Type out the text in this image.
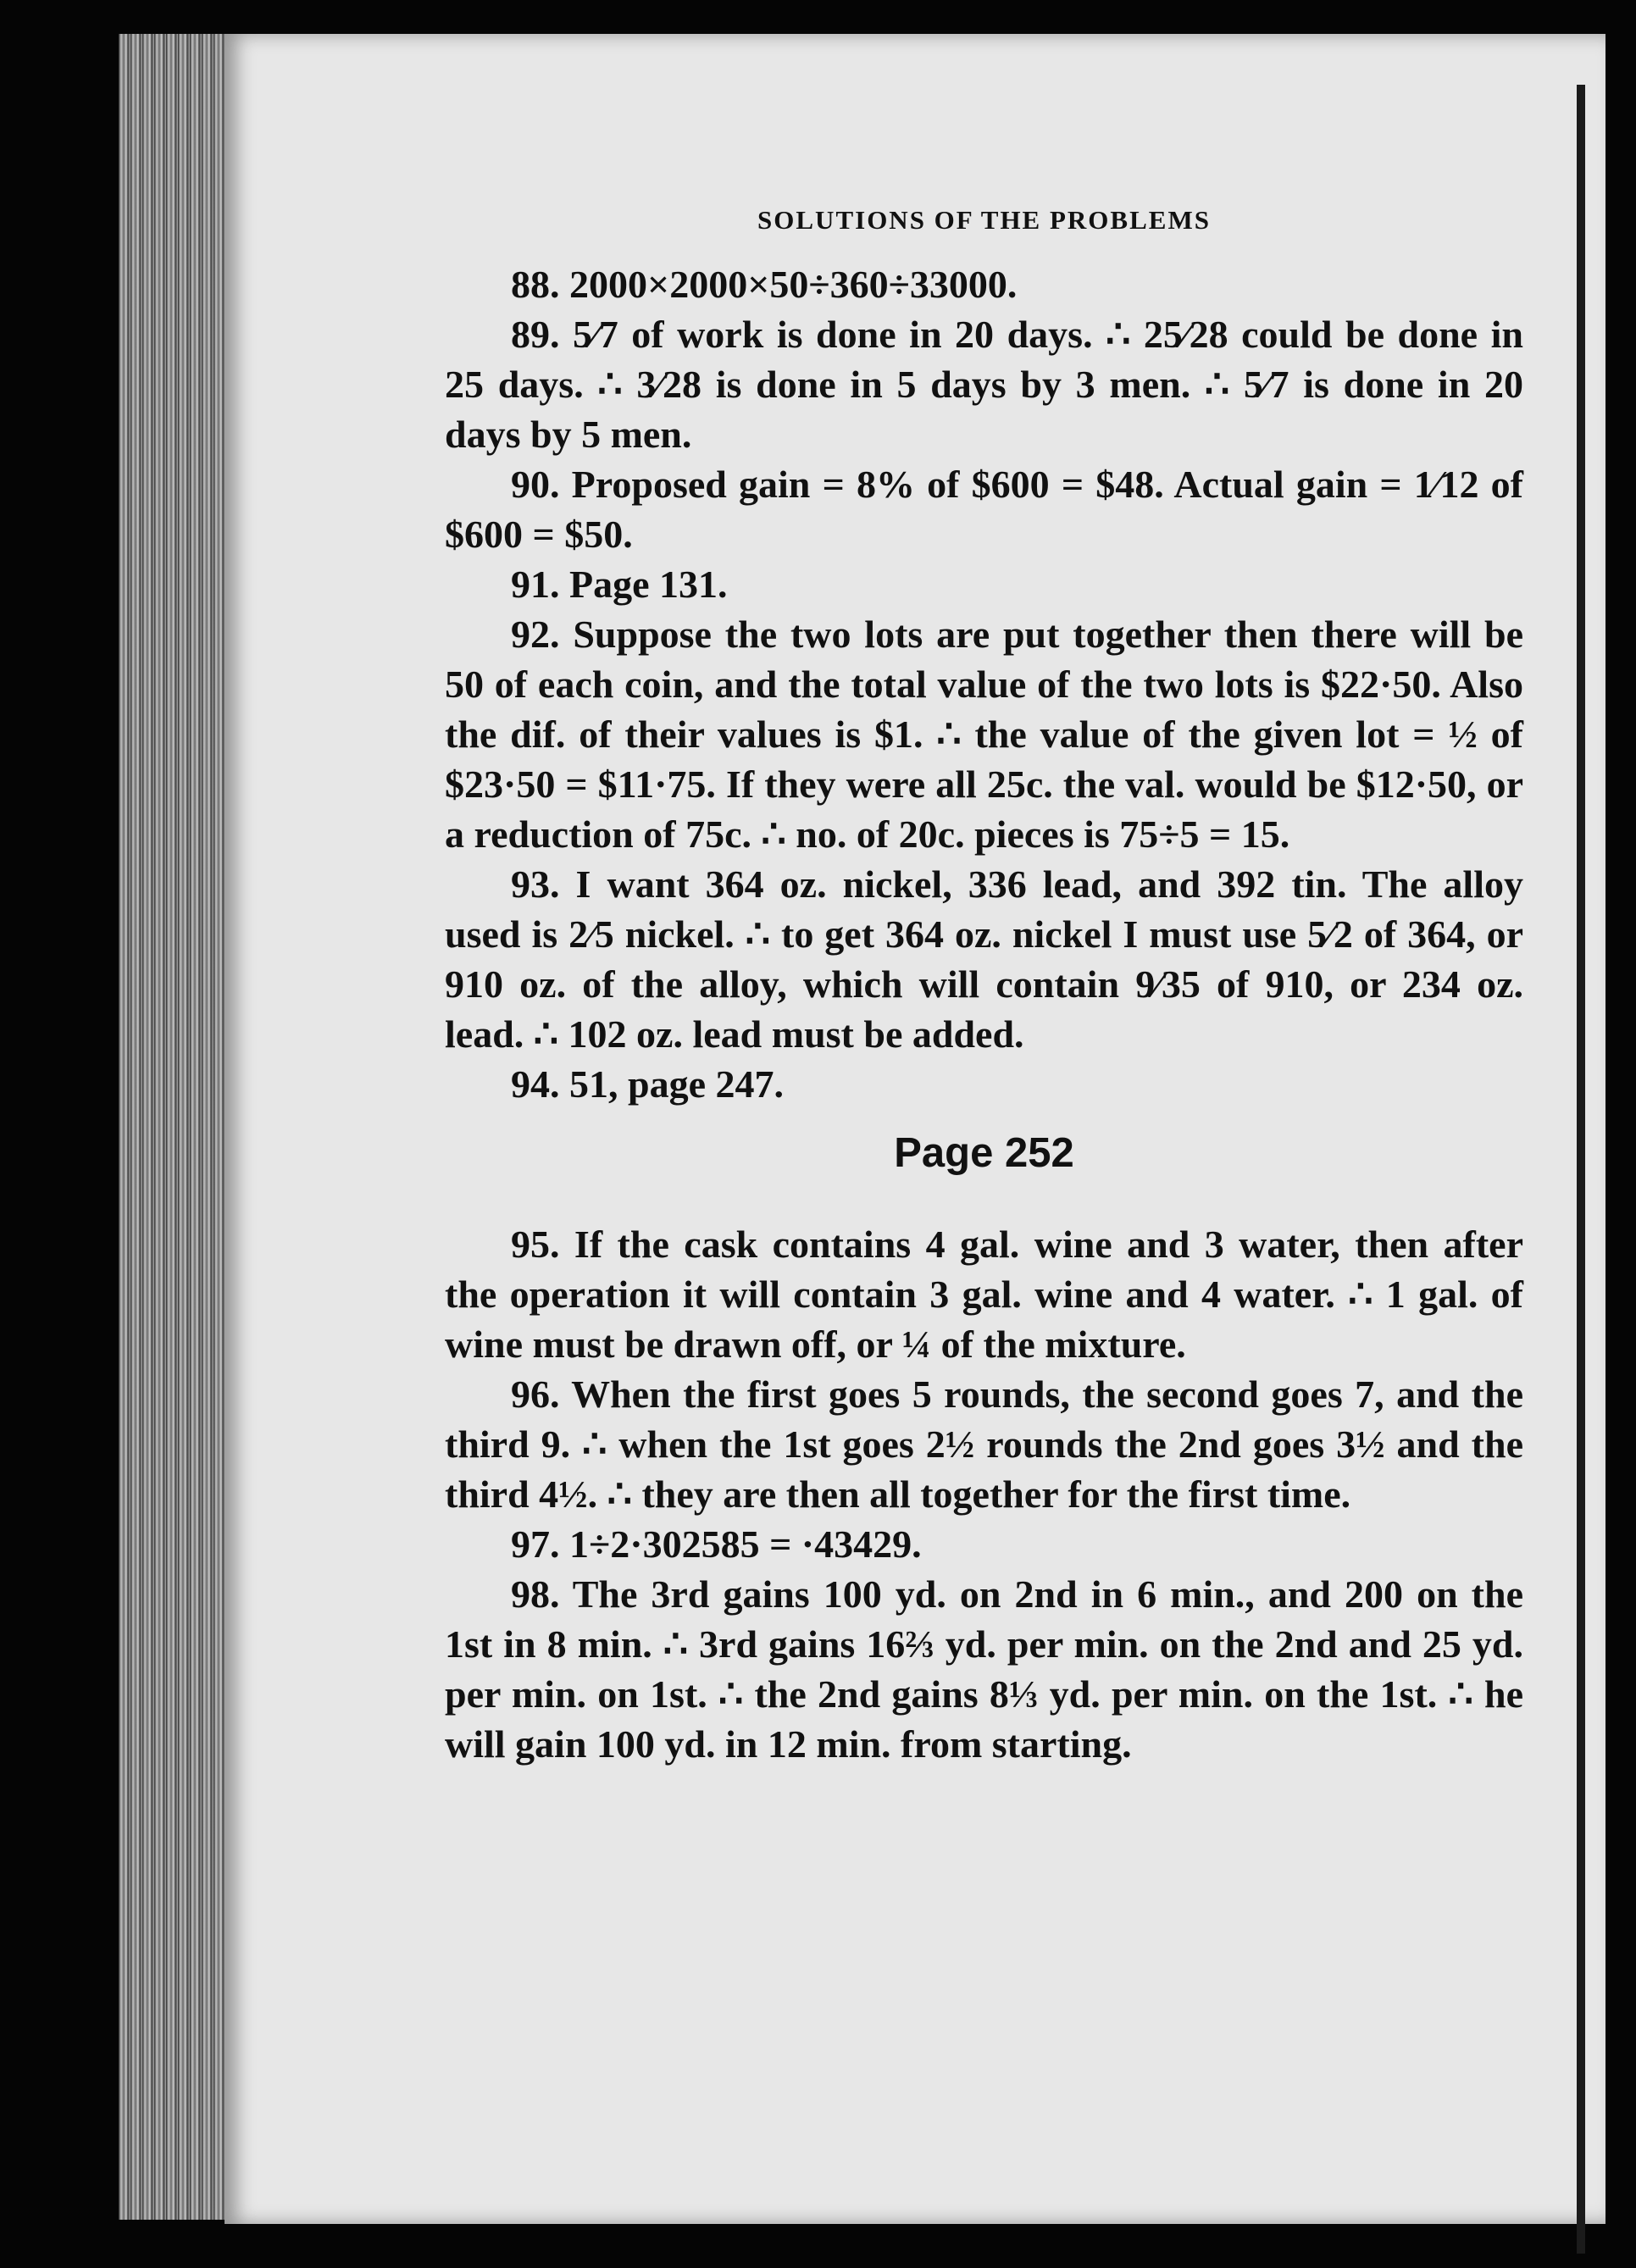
SOLUTIONS OF THE PROBLEMS

88. 2000×2000×50÷360÷33000.

89. 5⁄7 of work is done in 20 days. ∴ 25⁄28 could be done in 25 days. ∴ 3⁄28 is done in 5 days by 3 men. ∴ 5⁄7 is done in 20 days by 5 men.

90. Proposed gain = 8% of $600 = $48. Actual gain = 1⁄12 of $600 = $50.

91. Page 131.

92. Suppose the two lots are put together then there will be 50 of each coin, and the total value of the two lots is $22·50. Also the dif. of their values is $1. ∴ the value of the given lot = ½ of $23·50 = $11·75. If they were all 25c. the val. would be $12·50, or a reduction of 75c. ∴ no. of 20c. pieces is 75÷5 = 15.

93. I want 364 oz. nickel, 336 lead, and 392 tin. The alloy used is 2⁄5 nickel. ∴ to get 364 oz. nickel I must use 5⁄2 of 364, or 910 oz. of the alloy, which will contain 9⁄35 of 910, or 234 oz. lead. ∴ 102 oz. lead must be added.

94. 51, page 247.

Page 252

95. If the cask contains 4 gal. wine and 3 water, then after the operation it will contain 3 gal. wine and 4 water. ∴ 1 gal. of wine must be drawn off, or ¼ of the mixture.

96. When the first goes 5 rounds, the second goes 7, and the third 9. ∴ when the 1st goes 2½ rounds the 2nd goes 3½ and the third 4½. ∴ they are then all together for the first time.

97. 1÷2·302585 = ·43429.

98. The 3rd gains 100 yd. on 2nd in 6 min., and 200 on the 1st in 8 min. ∴ 3rd gains 16⅔ yd. per min. on the 2nd and 25 yd. per min. on 1st. ∴ the 2nd gains 8⅓ yd. per min. on the 1st. ∴ he will gain 100 yd. in 12 min. from starting.
